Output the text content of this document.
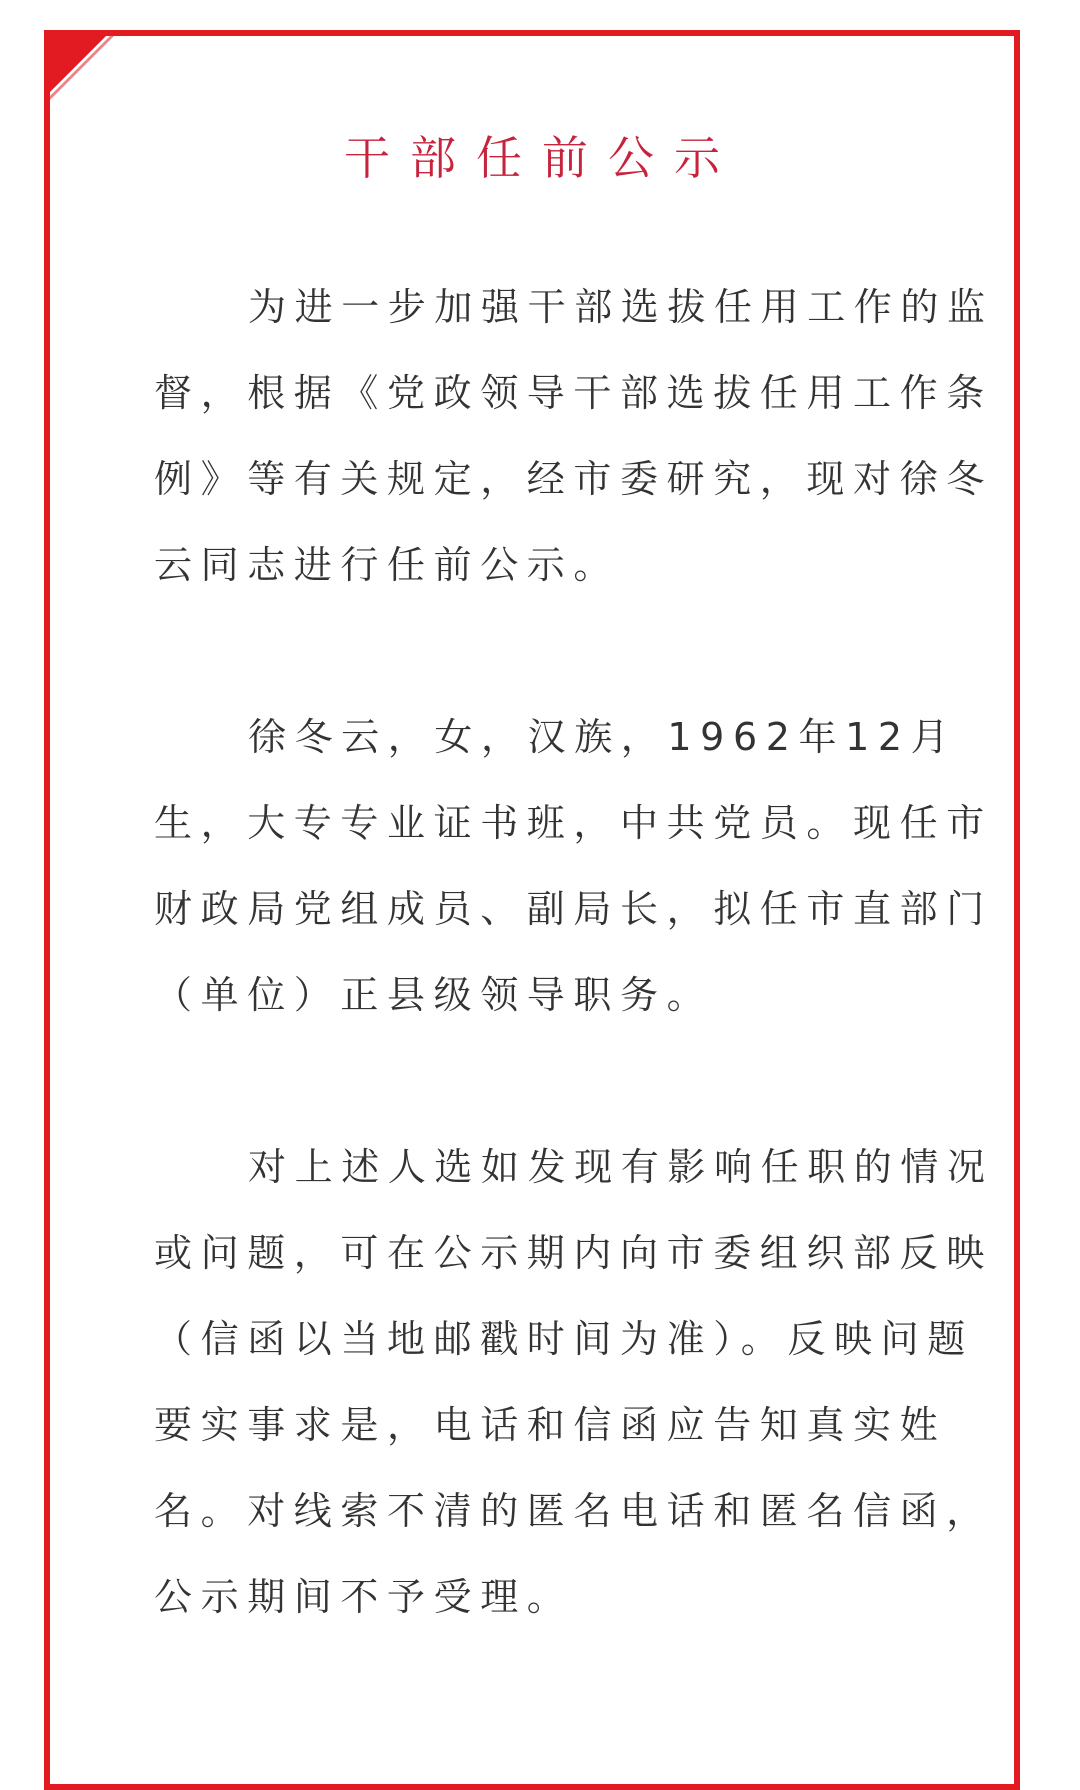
干部任前公示

为进一步加强干部选拔任用工作的监督，根据《党政领导干部选拔任用工作条例》等有关规定，经市委研究，现对徐冬云同志进行任前公示。

徐冬云，女，汉族，1962年12月生，大专专业证书班，中共党员。现任市财政局党组成员、副局长，拟任市直部门（单位）正县级领导职务。

对上述人选如发现有影响任职的情况或问题，可在公示期内向市委组织部反映（信函以当地邮戳时间为准）。反映问题要实事求是，电话和信函应告知真实姓名。对线索不清的匿名电话和匿名信函，公示期间不予受理。
